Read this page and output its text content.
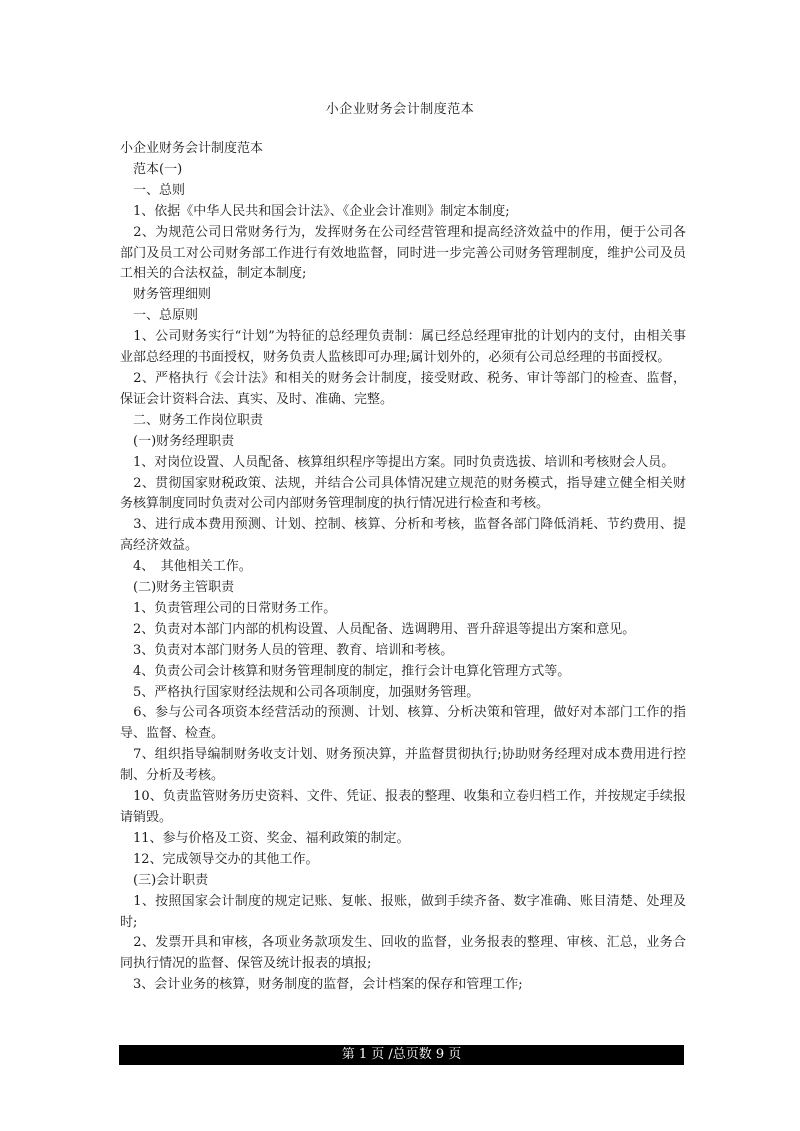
小企业财务会计制度范本

小企业财务会计制度范本

　范本(一)

　一、总则

　1、依据《中华人民共和国会计法》、《企业会计准则》制定本制度;

　2、为规范公司日常财务行为，发挥财务在公司经营管理和提高经济效益中的作用，便于公司各部门及员工对公司财务部工作进行有效地监督，同时进一步完善公司财务管理制度，维护公司及员工相关的合法权益，制定本制度;

　财务管理细则

　一、总原则

　1、公司财务实行“计划”为特征的总经理负责制：属已经总经理审批的计划内的支付，由相关事业部总经理的书面授权，财务负责人监核即可办理;属计划外的，必须有公司总经理的书面授权。

　2、严格执行《会计法》和相关的财务会计制度，接受财政、税务、审计等部门的检查、监督，保证会计资料合法、真实、及时、准确、完整。

　二、财务工作岗位职责

　(一)财务经理职责

　1、对岗位设置、人员配备、核算组织程序等提出方案。同时负责选拔、培训和考核财会人员。

　2、贯彻国家财税政策、法规，并结合公司具体情况建立规范的财务模式，指导建立健全相关财务核算制度同时负责对公司内部财务管理制度的执行情况进行检查和考核。

　3、进行成本费用预测、计划、控制、核算、分析和考核，监督各部门降低消耗、节约费用、提高经济效益。

　4、　其他相关工作。

　(二)财务主管职责

　1、负责管理公司的日常财务工作。

　2、负责对本部门内部的机构设置、人员配备、选调聘用、晋升辞退等提出方案和意见。

　3、负责对本部门财务人员的管理、教育、培训和考核。

　4、负责公司会计核算和财务管理制度的制定，推行会计电算化管理方式等。

　5、严格执行国家财经法规和公司各项制度，加强财务管理。

　6、参与公司各项资本经营活动的预测、计划、核算、分析决策和管理，做好对本部门工作的指导、监督、检查。

　7、组织指导编制财务收支计划、财务预决算，并监督贯彻执行;协助财务经理对成本费用进行控制、分析及考核。

　10、负责监管财务历史资料、文件、凭证、报表的整理、收集和立卷归档工作，并按规定手续报请销毁。

　11、参与价格及工资、奖金、福利政策的制定。

　12、完成领导交办的其他工作。

　(三)会计职责

　1、按照国家会计制度的规定记账、复帐、报账，做到手续齐备、数字准确、账目清楚、处理及时;

　2、发票开具和审核，各项业务款项发生、回收的监督，业务报表的整理、审核、汇总，业务合同执行情况的监督、保管及统计报表的填报;

　3、会计业务的核算，财务制度的监督，会计档案的保存和管理工作;

第 1 页 /总页数 9 页
